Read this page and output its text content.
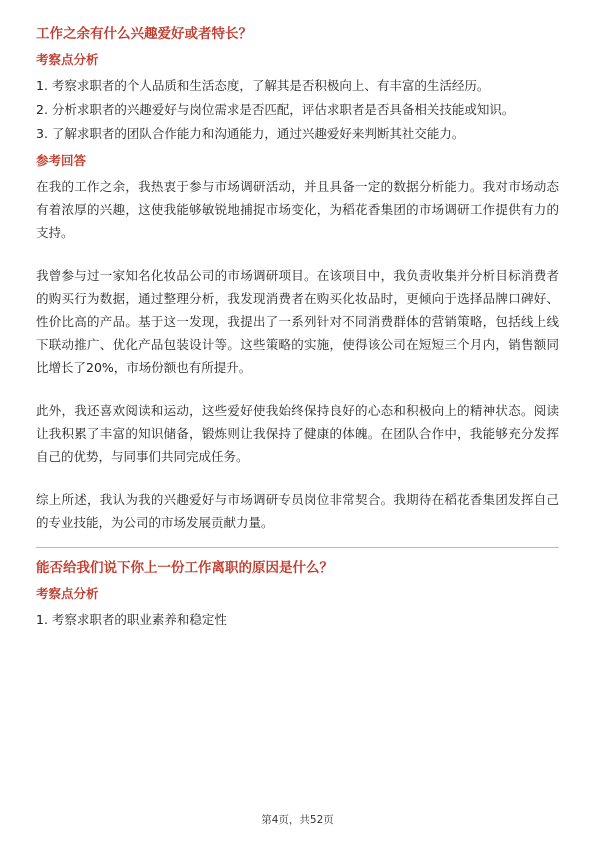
工作之余有什么兴趣爱好或者特长？
考察点分析
1. 考察求职者的个人品质和生活态度，了解其是否积极向上、有丰富的生活经历。
2. 分析求职者的兴趣爱好与岗位需求是否匹配，评估求职者是否具备相关技能或知识。
3. 了解求职者的团队合作能力和沟通能力，通过兴趣爱好来判断其社交能力。
参考回答

在我的工作之余，我热衷于参与市场调研活动，并且具备一定的数据分析能力。我对市场动态有着浓厚的兴趣，这使我能够敏锐地捕捉市场变化，为稻花香集团的市场调研工作提供有力的支持。

我曾参与过一家知名化妆品公司的市场调研项目。在该项目中，我负责收集并分析目标消费者的购买行为数据，通过整理分析，我发现消费者在购买化妆品时，更倾向于选择品牌口碑好、性价比高的产品。基于这一发现，我提出了一系列针对不同消费群体的营销策略，包括线上线下联动推广、优化产品包装设计等。这些策略的实施，使得该公司在短短三个月内，销售额同比增长了20%，市场份额也有所提升。

此外，我还喜欢阅读和运动，这些爱好使我始终保持良好的心态和积极向上的精神状态。阅读让我积累了丰富的知识储备，锻炼则让我保持了健康的体魄。在团队合作中，我能够充分发挥自己的优势，与同事们共同完成任务。

综上所述，我认为我的兴趣爱好与市场调研专员岗位非常契合。我期待在稻花香集团发挥自己的专业技能，为公司的市场发展贡献力量。

能否给我们说下你上一份工作离职的原因是什么？
考察点分析
1. 考察求职者的职业素养和稳定性
第4页，共52页
